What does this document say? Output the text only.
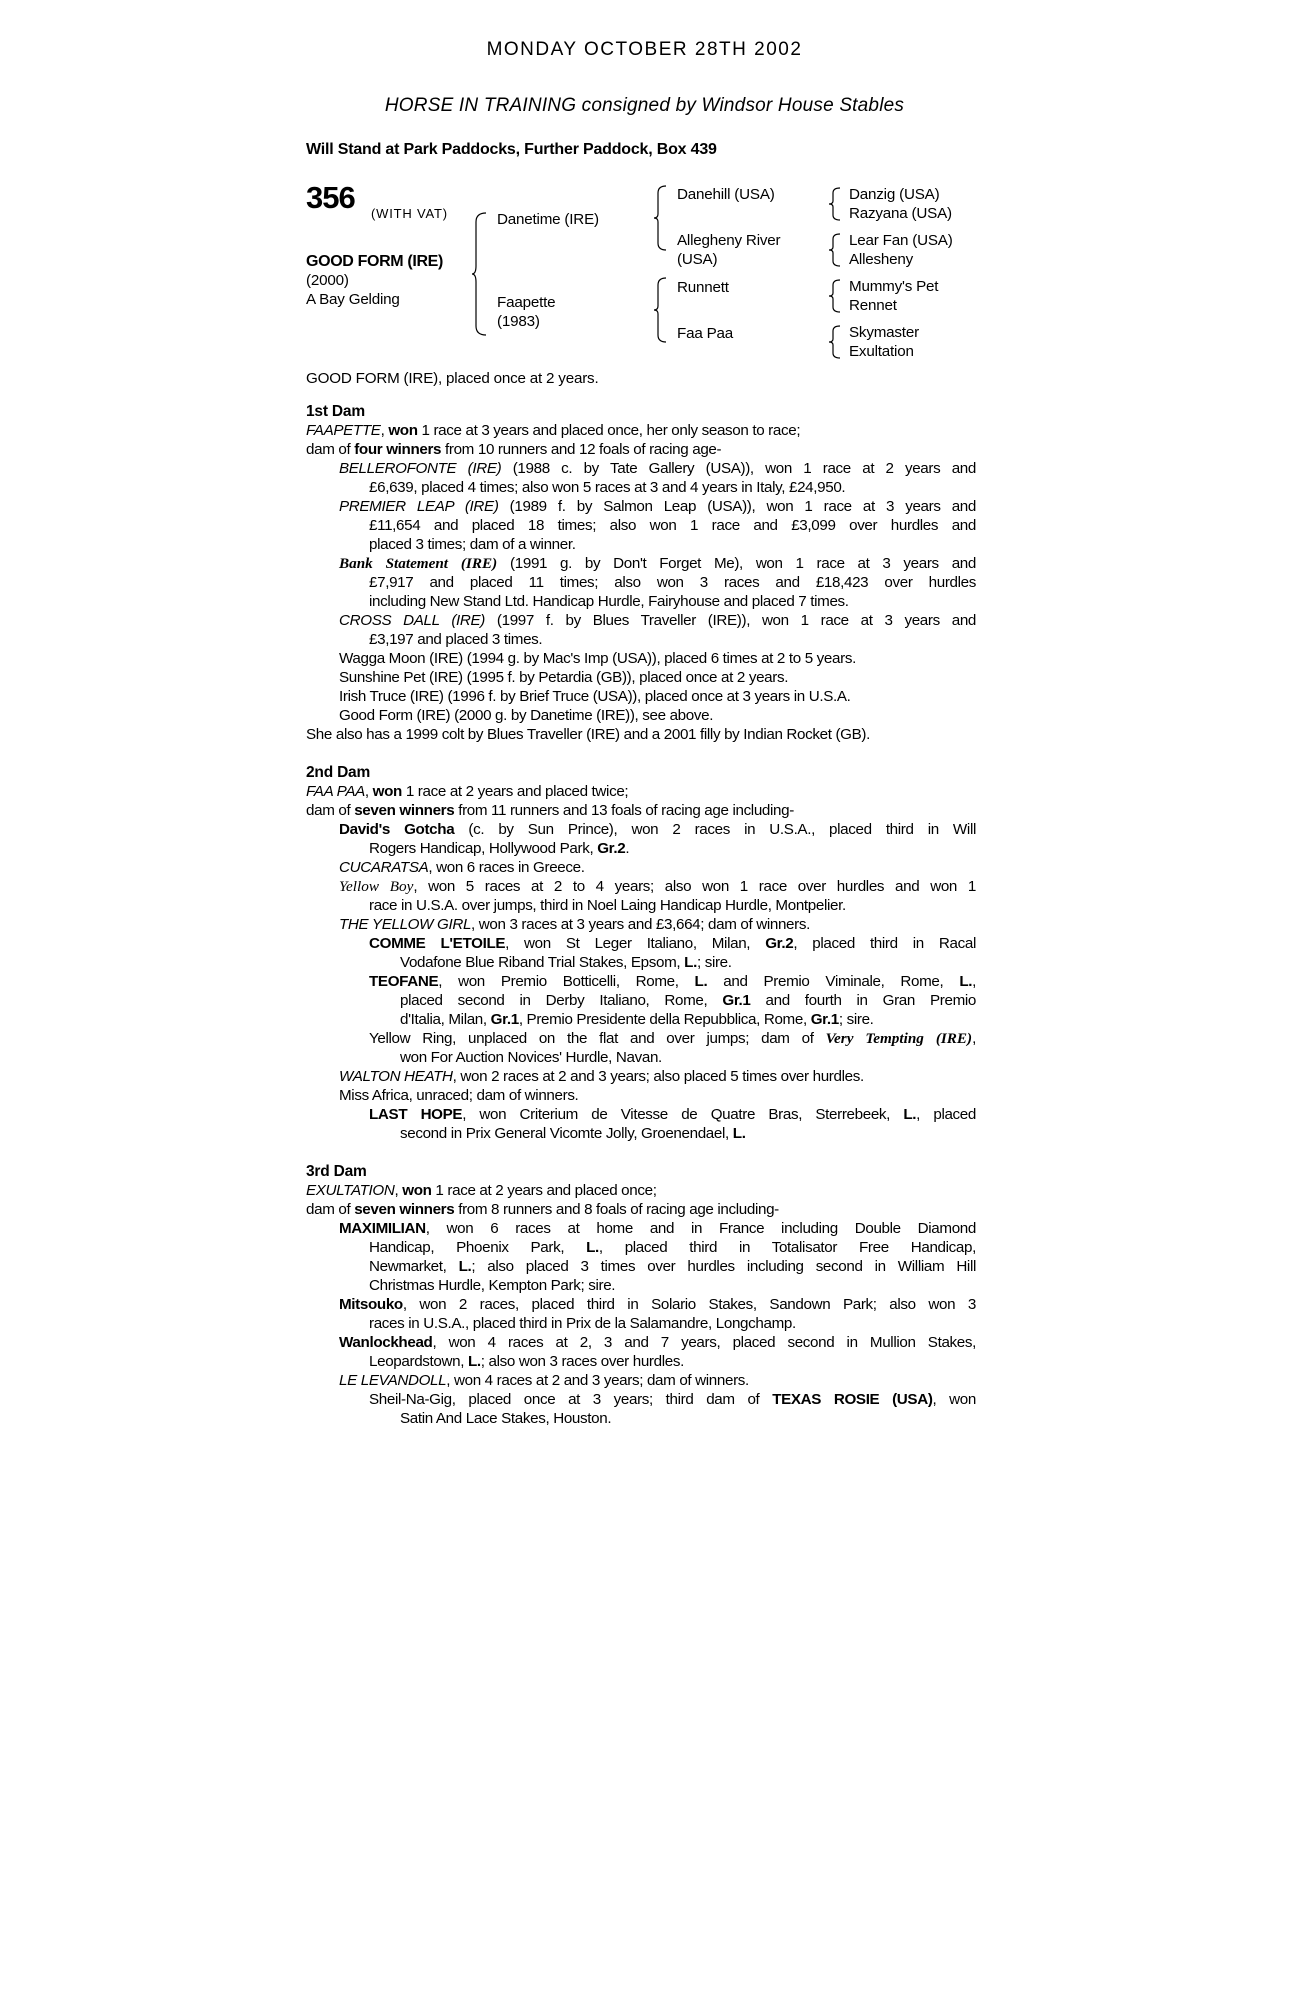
MONDAY OCTOBER 28TH 2002
HORSE IN TRAINING consigned by Windsor House Stables
Will Stand at Park Paddocks, Further Paddock, Box 439
356 (WITH VAT)
GOOD FORM (IRE)
(2000)
A Bay Gelding
Danetime (IRE)
Faapette
(1983)
Danehill (USA)
Allegheny River
(USA)
Runnett
Faa Paa
Danzig (USA)
Razyana (USA)
Lear Fan (USA)
Allesheny
Mummy's Pet
Rennet
Skymaster
Exultation
GOOD FORM (IRE), placed once at 2 years.
1st Dam
FAAPETTE, won 1 race at 3 years and placed once, her only season to race;
dam of four winners from 10 runners and 12 foals of racing age-
BELLEROFONTE (IRE) (1988 c. by Tate Gallery (USA)), won 1 race at 2 years and
£6,639, placed 4 times; also won 5 races at 3 and 4 years in Italy, £24,950.
PREMIER LEAP (IRE) (1989 f. by Salmon Leap (USA)), won 1 race at 3 years and
£11,654 and placed 18 times; also won 1 race and £3,099 over hurdles and
placed 3 times; dam of a winner.
Bank Statement (IRE) (1991 g. by Don't Forget Me), won 1 race at 3 years and
£7,917 and placed 11 times; also won 3 races and £18,423 over hurdles
including New Stand Ltd. Handicap Hurdle, Fairyhouse and placed 7 times.
CROSS DALL (IRE) (1997 f. by Blues Traveller (IRE)), won 1 race at 3 years and
£3,197 and placed 3 times.
Wagga Moon (IRE) (1994 g. by Mac's Imp (USA)), placed 6 times at 2 to 5 years.
Sunshine Pet (IRE) (1995 f. by Petardia (GB)), placed once at 2 years.
Irish Truce (IRE) (1996 f. by Brief Truce (USA)), placed once at 3 years in U.S.A.
Good Form (IRE) (2000 g. by Danetime (IRE)), see above.
She also has a 1999 colt by Blues Traveller (IRE) and a 2001 filly by Indian Rocket (GB).
2nd Dam
FAA PAA, won 1 race at 2 years and placed twice;
dam of seven winners from 11 runners and 13 foals of racing age including-
David's Gotcha (c. by Sun Prince), won 2 races in U.S.A., placed third in Will
Rogers Handicap, Hollywood Park, Gr.2.
CUCARATSA, won 6 races in Greece.
Yellow Boy, won 5 races at 2 to 4 years; also won 1 race over hurdles and won 1
race in U.S.A. over jumps, third in Noel Laing Handicap Hurdle, Montpelier.
THE YELLOW GIRL, won 3 races at 3 years and £3,664; dam of winners.
COMME L'ETOILE, won St Leger Italiano, Milan, Gr.2, placed third in Racal
Vodafone Blue Riband Trial Stakes, Epsom, L.; sire.
TEOFANE, won Premio Botticelli, Rome, L. and Premio Viminale, Rome, L.,
placed second in Derby Italiano, Rome, Gr.1 and fourth in Gran Premio
d'Italia, Milan, Gr.1, Premio Presidente della Repubblica, Rome, Gr.1; sire.
Yellow Ring, unplaced on the flat and over jumps; dam of Very Tempting (IRE),
won For Auction Novices' Hurdle, Navan.
WALTON HEATH, won 2 races at 2 and 3 years; also placed 5 times over hurdles.
Miss Africa, unraced; dam of winners.
LAST HOPE, won Criterium de Vitesse de Quatre Bras, Sterrebeek, L., placed
second in Prix General Vicomte Jolly, Groenendael, L.
3rd Dam
EXULTATION, won 1 race at 2 years and placed once;
dam of seven winners from 8 runners and 8 foals of racing age including-
MAXIMILIAN, won 6 races at home and in France including Double Diamond
Handicap, Phoenix Park, L., placed third in Totalisator Free Handicap,
Newmarket, L.; also placed 3 times over hurdles including second in William Hill
Christmas Hurdle, Kempton Park; sire.
Mitsouko, won 2 races, placed third in Solario Stakes, Sandown Park; also won 3
races in U.S.A., placed third in Prix de la Salamandre, Longchamp.
Wanlockhead, won 4 races at 2, 3 and 7 years, placed second in Mullion Stakes,
Leopardstown, L.; also won 3 races over hurdles.
LE LEVANDOLL, won 4 races at 2 and 3 years; dam of winners.
Sheil-Na-Gig, placed once at 3 years; third dam of TEXAS ROSIE (USA), won
Satin And Lace Stakes, Houston.
